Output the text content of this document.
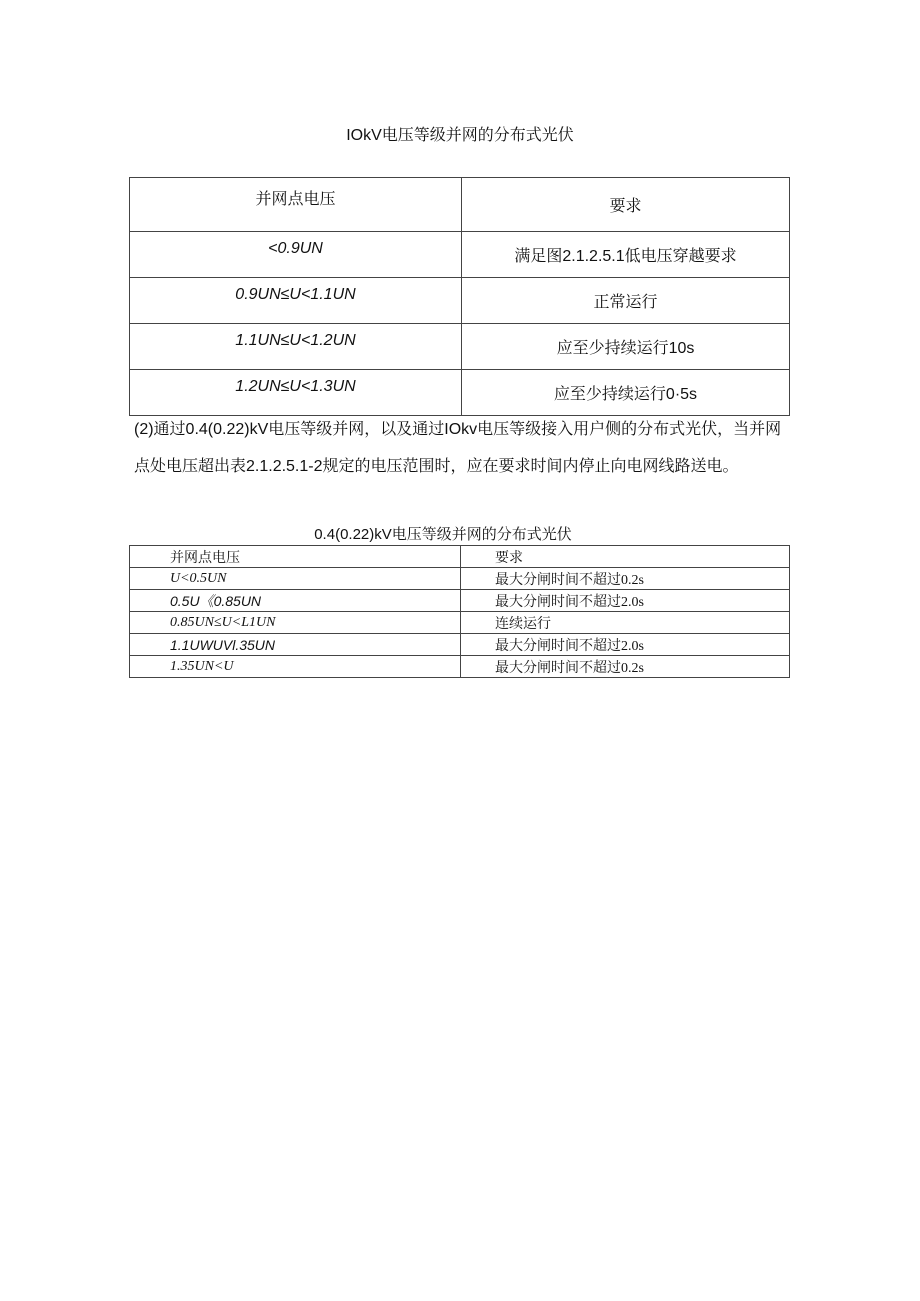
IOkV电压等级并网的分布式光伏
并网点电压	要求
<0.9UN	满足图2.1.2.5.1低电压穿越要求
0.9UN≤U<1.1UN	正常运行
1.1UN≤U<1.2UN	应至少持续运行10s
1.2UN≤U<1.3UN	应至少持续运行0·5s
(2)通过0.4(0.22)kV电压等级并网，以及通过IOkv电压等级接入用户侧的分布式光伏，当并网点处电压超出表2.1.2.5.1-2规定的电压范围时，应在要求时间内停止向电网线路送电。
0.4(0.22)kV电压等级并网的分布式光伏
并网点电压	要求
U<0.5UN	最大分闸时间不超过0.2s
0.5U《0.85UN	最大分闸时间不超过2.0s
0.85UN≤U<L1UN	连续运行
1.1UWUVl.35UN	最大分闸时间不超过2.0s
1.35UN<U	最大分闸时间不超过0.2s
